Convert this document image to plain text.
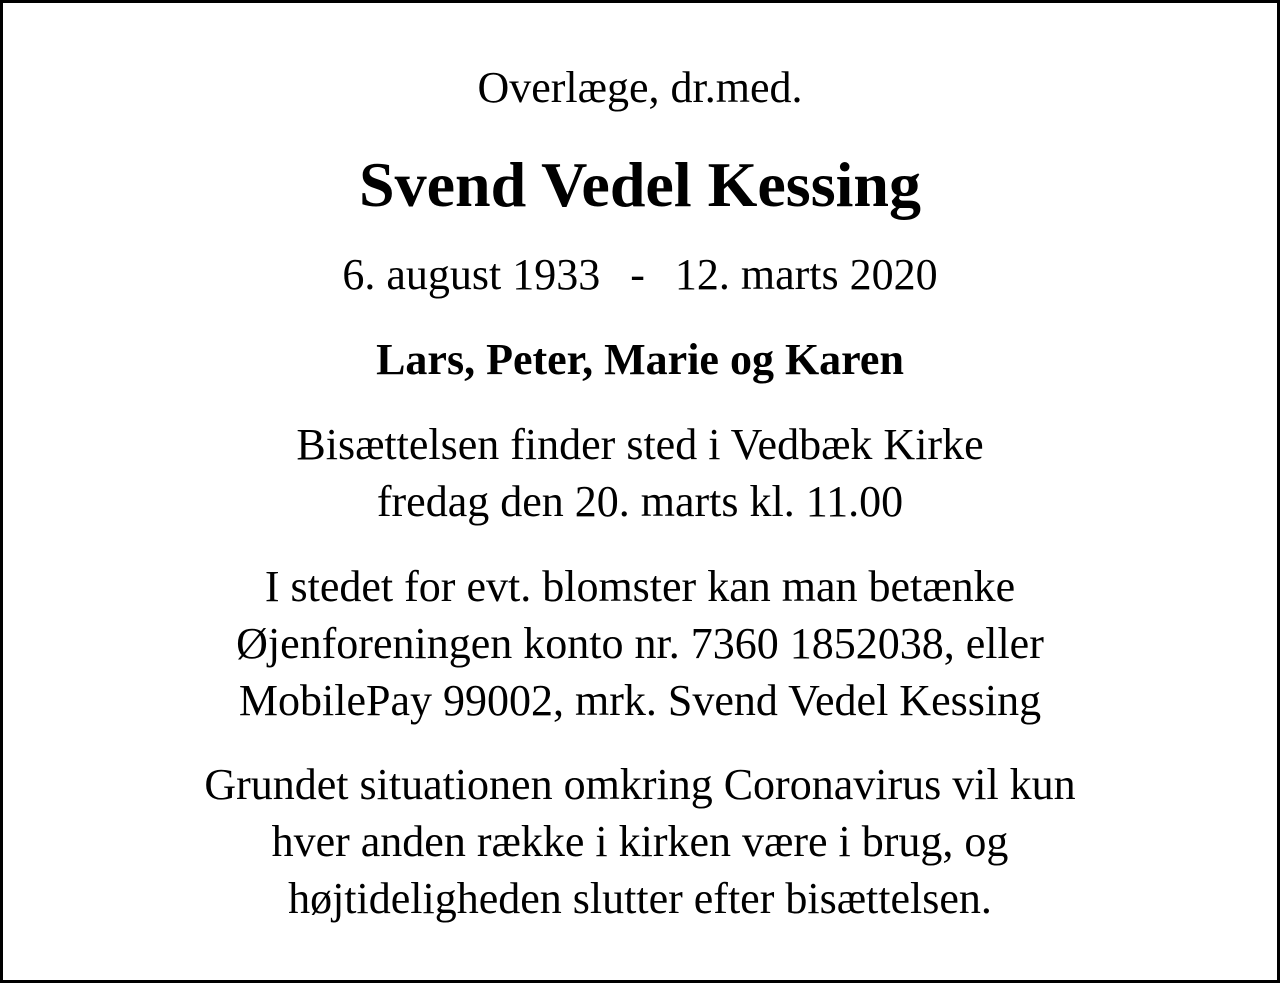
Overlæge, dr.med.
Svend Vedel Kessing
6. august 1933 - 12. marts 2020
Lars, Peter, Marie og Karen
Bisættelsen finder sted i Vedbæk Kirke
fredag den 20. marts kl. 11.00
I stedet for evt. blomster kan man betænke
Øjenforeningen konto nr. 7360 1852038, eller
MobilePay 99002, mrk. Svend Vedel Kessing
Grundet situationen omkring Coronavirus vil kun
hver anden række i kirken være i brug, og
højtideligheden slutter efter bisættelsen.
